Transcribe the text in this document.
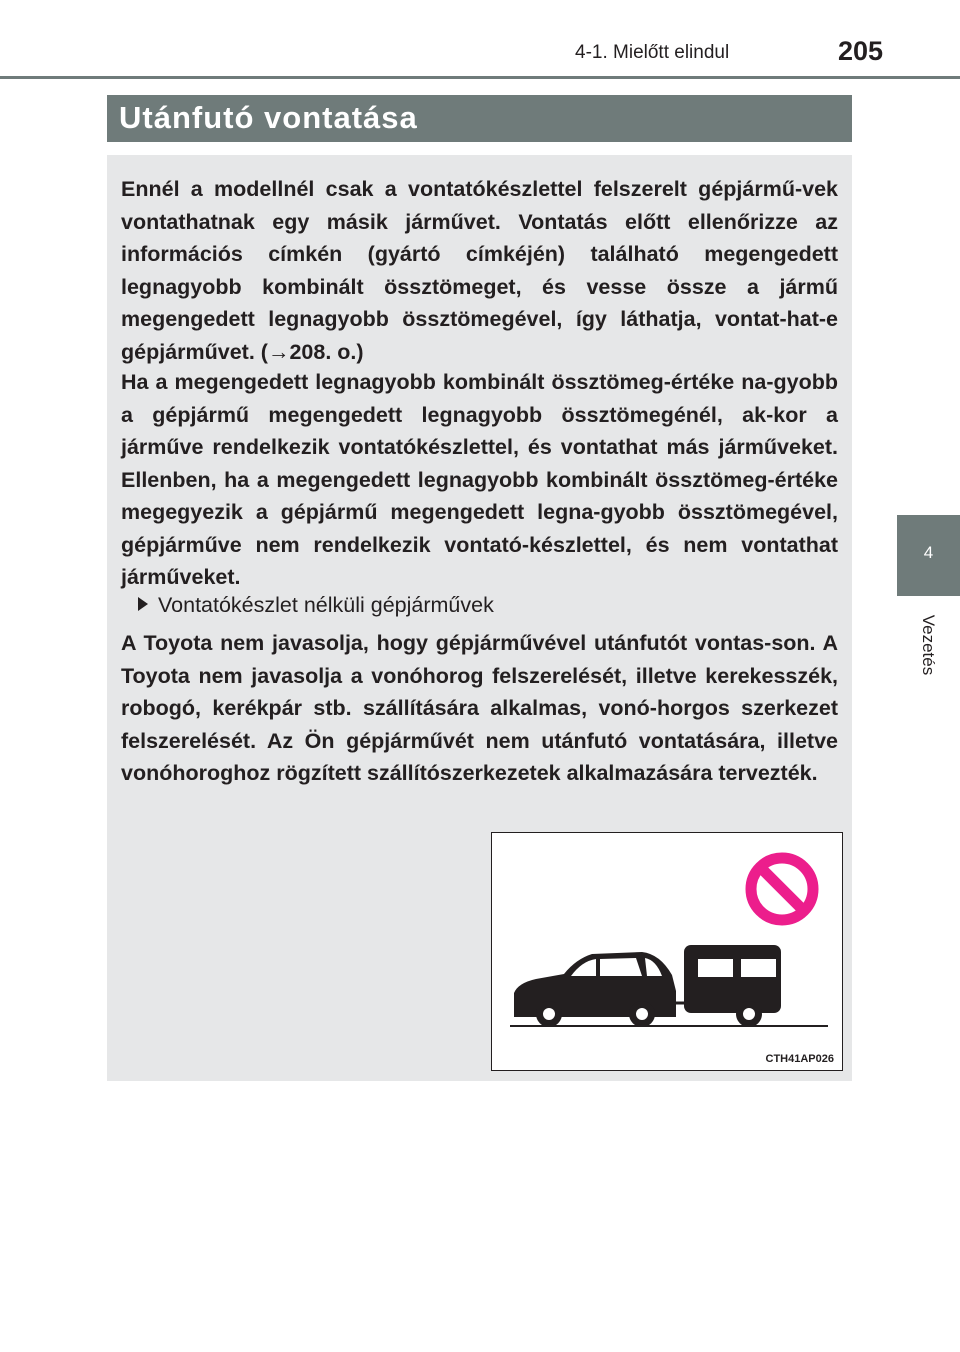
4-1. Mielőtt elindul	205
Utánfutó vontatása

Ennél a modellnél csak a vontatókészlettel felszerelt gépjármű-vek vontathatnak egy másik járművet. Vontatás előtt ellenőrizze az információs címkén (gyártó címkéjén) található megengedett legnagyobb kombinált össztömeget, és vesse össze a jármű megengedett legnagyobb össztömegével, így láthatja, vontat-hat-e gépjárművet. (→208. o.)

Ha a megengedett legnagyobb kombinált össztömeg-értéke na-gyobb a gépjármű megengedett legnagyobb össztömegénél, ak-kor a járműve rendelkezik vontatókészlettel, és vontathat más járműveket. Ellenben, ha a megengedett legnagyobb kombinált össztömeg-értéke megegyezik a gépjármű megengedett legna-gyobb össztömegével, gépjárműve nem rendelkezik vontató-készlettel, és nem vontathat járműveket.

Vontatókészlet nélküli gépjárművek

A Toyota nem javasolja, hogy gépjárművével utánfutót vontas-son. A Toyota nem javasolja a vonóhorog felszerelését, illetve kerekesszék, robogó, kerékpár stb. szállítására alkalmas, vonó-horgos szerkezet felszerelését. Az Ön gépjárművét nem utánfutó vontatására, illetve vonóhoroghoz rögzített szállítószerkezetek alkalmazására tervezték.

CTH41AP026
4
Vezetés
